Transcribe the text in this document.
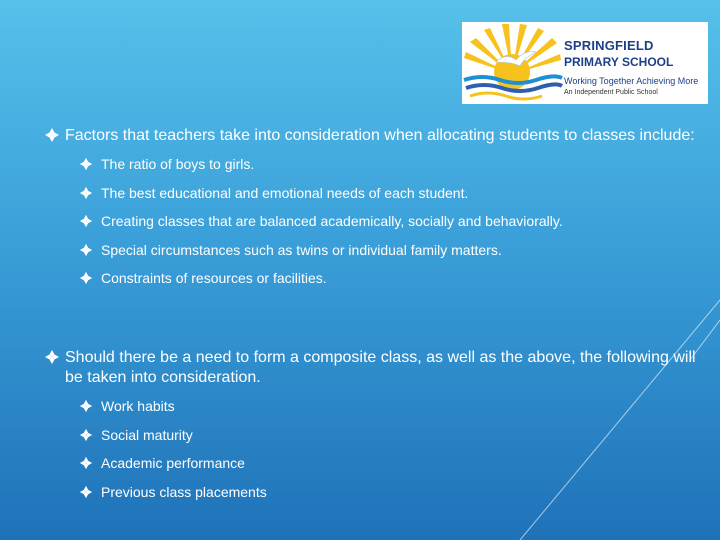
SPRINGFIELD
PRIMARY SCHOOL
Working Together Achieving More
An Independent Public School
Factors that teachers take into consideration when allocating students to classes include:
The ratio of boys to girls.
The best educational and emotional needs of each student.
Creating classes that are balanced academically, socially and behaviorally.
Special circumstances such as twins or individual family matters.
Constraints of resources or facilities.
Should there be a need to form a composite class, as well as the above, the following will be taken into consideration.
Work habits
Social maturity
Academic performance
Previous class placements
